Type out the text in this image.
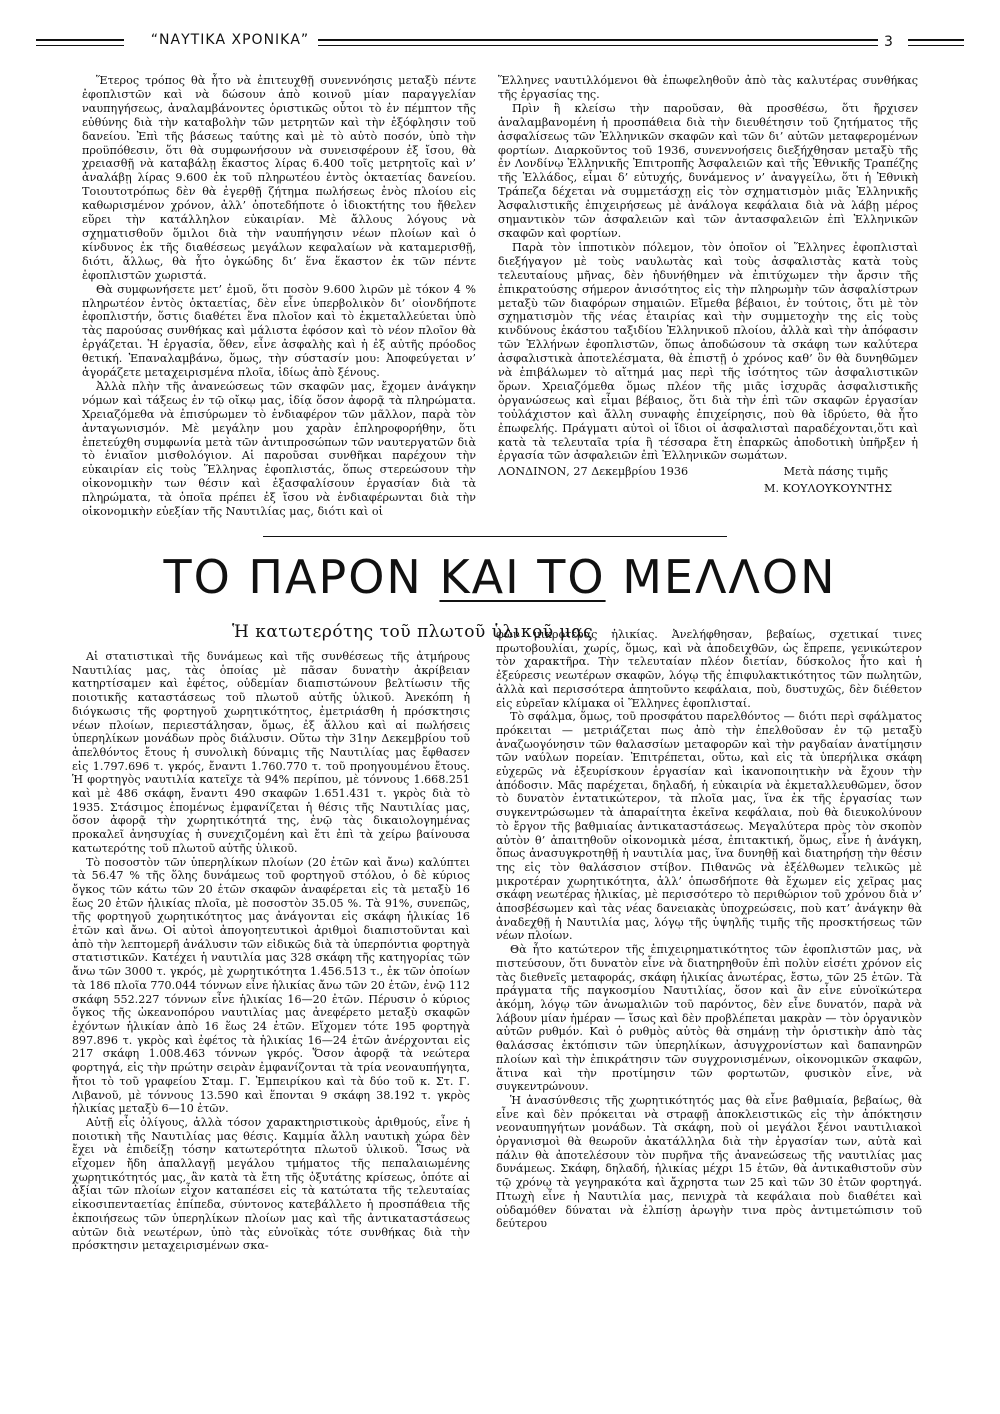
“ΝΑΥΤΙΚΑ ΧΡΟΝΙΚΑ”	3

Ἕτερος τρόπος θὰ ἦτο νὰ ἐπιτευχθῇ συνεννόησις μεταξὺ πέντε ἐφοπλιστῶν καὶ νὰ δώσουν ἀπὸ κοινοῦ μίαν παραγγελίαν ναυπηγήσεως, ἀναλαμβάνοντες ὁριστικῶς οὗτοι τὸ ἐν πέμπτον τῆς εὐθύνης διὰ τὴν καταβολὴν τῶν μετρητῶν καὶ τὴν ἐξόφλησιν τοῦ δανείου. Ἐπὶ τῆς βάσεως ταύτης καὶ μὲ τὸ αὐτὸ ποσόν, ὑπὸ τὴν προϋπόθεσιν, ὅτι θὰ συμφωνήσουν νὰ συνεισφέρουν ἐξ ἴσου, θὰ χρειασθῇ νὰ καταβάλῃ ἕκαστος λίρας 6.400 τοῖς μετρητοῖς καὶ ν’ ἀναλάβῃ λίρας 9.600 ἐκ τοῦ πληρωτέου ἐντὸς ὀκταετίας δανείου. Τοιουτοτρόπως δὲν θὰ ἐγερθῇ ζήτημα πωλήσεως ἑνὸς πλοίου εἰς καθωρισμένον χρόνον, ἀλλ’ ὁποτεδήποτε ὁ ἰδιοκτήτης του ἤθελεν εὕρει τὴν κατάλληλον εὐκαιρίαν. Μὲ ἄλλους λόγους νὰ σχηματισθοῦν ὅμιλοι διὰ τὴν ναυπήγησιν νέων πλοίων καὶ ὁ κίνδυνος ἐκ τῆς διαθέσεως μεγάλων κεφαλαίων νὰ καταμερισθῇ, διότι, ἄλλως, θὰ ἦτο ὀγκώδης δι’ ἕνα ἕκαστον ἐκ τῶν πέντε ἐφοπλιστῶν χωριστά.

Θὰ συμφωνήσετε μετ’ ἐμοῦ, ὅτι ποσὸν 9.600 λιρῶν μὲ τόκον 4 % πληρωτέον ἐντὸς ὀκταετίας, δὲν εἶνε ὑπερβολικὸν δι’ οἱονδήποτε ἐφοπλιστήν, ὅστις διαθέτει ἕνα πλοῖον καὶ τὸ ἐκμεταλλεύεται ὑπὸ τὰς παρούσας συνθήκας καὶ μάλιστα ἐφόσον καὶ τὸ νέον πλοῖον θὰ ἐργάζεται. Ἡ ἐργασία, ὅθεν, εἶνε ἀσφαλὴς καὶ ἡ ἐξ αὐτῆς πρόοδος θετική. Ἐπαναλαμβάνω, ὅμως, τὴν σύστασίν μου: Ἀποφεύγεται ν’ ἀγοράζετε μεταχειρισμένα πλοῖα, ἰδίως ἀπὸ ξένους.

Ἀλλὰ πλὴν τῆς ἀνανεώσεως τῶν σκαφῶν μας, ἔχομεν ἀνάγκην νόμων καὶ τάξεως ἐν τῷ οἴκῳ μας, ἰδίᾳ ὅσον ἀφορᾷ τὰ πληρώματα. Χρειαζόμεθα νὰ ἐπισύρωμεν τὸ ἐνδιαφέρον τῶν μᾶλλον, παρὰ τὸν ἀνταγωνισμόν. Μὲ μεγάλην μου χαρὰν ἐπληροφορήθην, ὅτι ἐπετεύχθη συμφωνία μετὰ τῶν ἀντιπροσώπων τῶν ναυτεργατῶν διὰ τὸ ἑνιαῖον μισθολόγιον. Αἱ παροῦσαι συνθῆκαι παρέχουν τὴν εὐκαιρίαν εἰς τοὺς Ἕλληνας ἐφοπλιστάς, ὅπως στερεώσουν τὴν οἰκονομικὴν των θέσιν καὶ ἐξασφαλίσουν ἐργασίαν διὰ τὰ πληρώματα, τὰ ὁποῖα πρέπει ἐξ ἴσου νὰ ἐνδιαφέρωνται διὰ τὴν οἰκονομικὴν εὐεξίαν τῆς Ναυτιλίας μας, διότι καὶ οἱ

Ἕλληνες ναυτιλλόμενοι θὰ ἐπωφεληθοῦν ἀπὸ τὰς καλυτέρας συνθήκας τῆς ἐργασίας της.

Πρὶν ἢ κλείσω τὴν παροῦσαν, θὰ προσθέσω, ὅτι ἤρχισεν ἀναλαμβανομένη ἡ προσπάθεια διὰ τὴν διευθέτησιν τοῦ ζητήματος τῆς ἀσφαλίσεως τῶν Ἑλληνικῶν σκαφῶν καὶ τῶν δι’ αὐτῶν μεταφερομένων φορτίων. Διαρκοῦντος τοῦ 1936, συνεννοήσεις διεξήχθησαν μεταξὺ τῆς ἐν Λονδίνῳ Ἑλληνικῆς Ἐπιτροπῆς Ἀσφαλειῶν καὶ τῆς Ἐθνικῆς Τραπέζης τῆς Ἑλλάδος, εἶμαι δ’ εὐτυχής, δυνάμενος ν’ ἀναγγείλω, ὅτι ἡ Ἐθνικὴ Τράπεζα δέχεται νὰ συμμετάσχῃ εἰς τὸν σχηματισμὸν μιᾶς Ἑλληνικῆς Ἀσφαλιστικῆς ἐπιχειρήσεως μὲ ἀνάλογα κεφάλαια διὰ νὰ λάβῃ μέρος σημαντικὸν τῶν ἀσφαλειῶν καὶ τῶν ἀντασφαλειῶν ἐπὶ Ἑλληνικῶν σκαφῶν καὶ φορτίων.

Παρὰ τὸν ἱπποτικὸν πόλεμον, τὸν ὁποῖον οἱ Ἕλληνες ἐφοπλισταὶ διεξήγαγον μὲ τοὺς ναυλωτὰς καὶ τοὺς ἀσφαλιστὰς κατὰ τοὺς τελευταίους μῆνας, δὲν ἠδυνήθημεν νὰ ἐπιτύχωμεν τὴν ἄρσιν τῆς ἐπικρατούσης σήμερον ἀνισότητος εἰς τὴν πληρωμὴν τῶν ἀσφαλίστρων μεταξὺ τῶν διαφόρων σημαιῶν. Εἴμεθα βέβαιοι, ἐν τούτοις, ὅτι μὲ τὸν σχηματισμὸν τῆς νέας ἑταιρίας καὶ τὴν συμμετοχὴν της εἰς τοὺς κινδύνους ἑκάστου ταξιδίου Ἑλληνικοῦ πλοίου, ἀλλὰ καὶ τὴν ἀπόφασιν τῶν Ἑλλήνων ἐφοπλιστῶν, ὅπως ἀποδώσουν τὰ σκάφη των καλύτερα ἀσφαλιστικὰ ἀποτελέσματα, θὰ ἐπιστῇ ὁ χρόνος καθ’ ὃν θὰ δυνηθῶμεν νὰ ἐπιβάλωμεν τὸ αἴτημά μας περὶ τῆς ἰσότητος τῶν ἀσφαλιστικῶν ὅρων. Χρειαζόμεθα ὅμως πλέον τῆς μιᾶς ἰσχυρᾶς ἀσφαλιστικῆς ὀργανώσεως καὶ εἶμαι βέβαιος, ὅτι διὰ τὴν ἐπὶ τῶν σκαφῶν ἐργασίαν τοὐλάχιστον καὶ ἄλλη συναφὴς ἐπιχείρησις, ποὺ θὰ ἱδρύετο, θὰ ἦτο ἐπωφελής. Πράγματι αὐτοὶ οἱ ἴδιοι οἱ ἀσφαλισταὶ παραδέχονται,ὅτι καὶ κατὰ τὰ τελευταῖα τρία ἢ τέσσαρα ἔτη ἐπαρκῶς ἀποδοτικὴ ὑπῆρξεν ἡ ἐργασία τῶν ἀσφαλειῶν ἐπὶ Ἑλληνικῶν σωμάτων.

ΛΟΝΔΙΝΟΝ, 27 Δεκεμβρίου 1936	Μετὰ πάσης τιμῆς
Μ. ΚΟΥΛΟΥΚΟΥΝΤΗΣ
ΤΟ ΠΑΡΟΝ ΚΑΙ ΤΟ ΜΕΛΛΟΝ
Ἡ κατωτερότης τοῦ πλωτοῦ ὑλικοῦ μας

Αἱ στατιστικαὶ τῆς δυνάμεως καὶ τῆς συνθέσεως τῆς ἀτμήρους Ναυτιλίας μας, τὰς ὁποίας μὲ πᾶσαν δυνατὴν ἀκρίβειαν κατηρτίσαμεν καὶ ἐφέτος, οὐδεμίαν διαπιστώνουν βελτίωσιν τῆς ποιοτικῆς καταστάσεως τοῦ πλωτοῦ αὐτῆς ὑλικοῦ. Ἀνεκόπη ἡ διόγκωσις τῆς φορτηγοῦ χωρητικότητος, ἐμετριάσθη ἡ πρόσκτησις νέων πλοίων, περιεστάλησαν, ὅμως, ἐξ ἄλλου καὶ αἱ πωλήσεις ὑπερηλίκων μονάδων πρὸς διάλυσιν. Οὕτω τὴν 31ην Δεκεμβρίου τοῦ ἀπελθόντος ἔτους ἡ συνολικὴ δύναμις τῆς Ναυτιλίας μας ἔφθασεν εἰς 1.797.696 τ. γκρός, ἔναντι 1.760.770 τ. τοῦ προηγουμένου ἔτους. Ἡ φορτηγὸς ναυτιλία κατεῖχε τὰ 94% περίπου, μὲ τόννους 1.668.251 καὶ μὲ 486 σκάφη, ἔναντι 490 σκαφῶν 1.651.431 τ. γκρὸς διὰ τὸ 1935. Στάσιμος ἑπομένως ἐμφανίζεται ἡ θέσις τῆς Ναυτιλίας μας, ὅσον ἀφορᾷ τὴν χωρητικότητά της, ἐνῷ τὰς δικαιολογημένας προκαλεῖ ἀνησυχίας ἡ συνεχιζομένη καὶ ἔτι ἐπὶ τὰ χείρω βαίνουσα κατωτερότης τοῦ πλωτοῦ αὐτῆς ὑλικοῦ.

Τὸ ποσοστὸν τῶν ὑπερηλίκων πλοίων (20 ἐτῶν καὶ ἄνω) καλύπτει τὰ 56.47 % τῆς ὅλης δυνάμεως τοῦ φορτηγοῦ στόλου, ὁ δὲ κύριος ὄγκος τῶν κάτω τῶν 20 ἐτῶν σκαφῶν ἀναφέρεται εἰς τὰ μεταξὺ 16 ἕως 20 ἐτῶν ἡλικίας πλοῖα, μὲ ποσοστὸν 35.05 %. Τὰ 91%, συνεπῶς, τῆς φορτηγοῦ χωρητικότητος μας ἀνάγονται εἰς σκάφη ἡλικίας 16 ἐτῶν καὶ ἄνω. Οἱ αὐτοὶ ἀπογοητευτικοὶ ἀριθμοὶ διαπιστοῦνται καὶ ἀπὸ τὴν λεπτομερῆ ἀνάλυσιν τῶν εἰδικῶς διὰ τὰ ὑπερπόντια φορτηγὰ στατιστικῶν. Κατέχει ἡ ναυτιλία μας 328 σκάφη τῆς κατηγορίας τῶν ἄνω τῶν 3000 τ. γκρός, μὲ χωρητικότητα 1.456.513 τ., ἐκ τῶν ὁποίων τὰ 186 πλοῖα 770.044 τόννων εἶνε ἡλικίας ἄνω τῶν 20 ἐτῶν, ἐνῷ 112 σκάφη 552.227 τόννων εἶνε ἡλικίας 16—20 ἐτῶν. Πέρυσιν ὁ κύριος ὄγκος τῆς ὠκεανοπόρου ναυτιλίας μας ἀνεφέρετο μεταξὺ σκαφῶν ἐχόντων ἡλικίαν ἀπὸ 16 ἕως 24 ἐτῶν. Εἴχομεν τότε 195 φορτηγὰ 897.896 τ. γκρὸς καὶ ἐφέτος τὰ ἡλικίας 16—24 ἐτῶν ἀνέρχονται εἰς 217 σκάφη 1.008.463 τόννων γκρός. Ὅσον ἀφορᾷ τὰ νεώτερα φορτηγά, εἰς τὴν πρώτην σειρὰν ἐμφανίζονται τὰ τρία νεοναυπήγητα, ἤτοι τὸ τοῦ γραφείου Σταμ. Γ. Ἐμπειρίκου καὶ τὰ δύο τοῦ κ. Στ. Γ. Λιβανοῦ, μὲ τόννους 13.590 καὶ ἕπονται 9 σκάφη 38.192 τ. γκρὸς ἡλικίας μεταξὺ 6—10 ἐτῶν.

Αὐτῇ εἶς ὀλίγους, ἀλλὰ τόσον χαρακτηριστικοὺς ἀριθμούς, εἶνε ἡ ποιοτικὴ τῆς Ναυτιλίας μας θέσις. Καμμία ἄλλη ναυτικὴ χώρα δὲν ἔχει νὰ ἐπιδείξῃ τόσην κατωτερότητα πλωτοῦ ὑλικοῦ. Ἴσως νὰ εἴχομεν ἤδη ἀπαλλαγῇ μεγάλου τμήματος τῆς πεπαλαιωμένης χωρητικότητός μας, ἂν κατὰ τὰ ἔτη τῆς ὀξυτάτης κρίσεως, ὁπότε αἱ ἀξίαι τῶν πλοίων εἶχον καταπέσει εἰς τὰ κατώτατα τῆς τελευταίας εἰκοσιπενταετίας ἐπίπεδα, σύντονος κατεβάλλετο ἡ προσπάθεια τῆς ἐκποιήσεως τῶν ὑπερηλίκων πλοίων μας καὶ τῆς ἀντικαταστάσεως αὐτῶν διὰ νεωτέρων, ὑπὸ τὰς εὐνοϊκὰς τότε συνθήκας διὰ τὴν πρόσκτησιν μεταχειρισμένων σκα-

φῶν μικροτέρας ἡλικίας. Ἀνελήφθησαν, βεβαίως, σχετικαί τινες πρωτοβουλίαι, χωρίς, ὅμως, καὶ νὰ ἀποδειχθῶν, ὡς ἔπρεπε, γενικώτερον τὸν χαρακτῆρα. Τὴν τελευταίαν πλέον διετίαν, δύσκολος ἦτο καὶ ἡ ἐξεύρεσις νεωτέρων σκαφῶν, λόγῳ τῆς ἐπιφυλακτικότητος τῶν πωλητῶν, ἀλλὰ καὶ περισσότερα ἀπητοῦντο κεφάλαια, ποὺ, δυστυχῶς, δὲν διέθετον εἰς εὐρεῖαν κλίμακα οἱ Ἕλληνες ἐφοπλισταί.

Τὸ σφάλμα, ὅμως, τοῦ προσφάτου παρελθόντος — διότι περὶ σφάλματος πρόκειται — μετριάζεται πως ἀπὸ τὴν ἐπελθοῦσαν ἐν τῷ μεταξὺ ἀναζωογόνησιν τῶν θαλασσίων μεταφορῶν καὶ τὴν ραγδαίαν ἀνατίμησιν τῶν ναύλων πορείαν. Ἐπιτρέπεται, οὕτω, καὶ εἰς τὰ ὑπερήλικα σκάφη εὐχερῶς νὰ ἐξευρίσκουν ἐργασίαν καὶ ἱκανοποιητικὴν νὰ ἔχουν τὴν ἀπόδοσιν. Μᾶς παρέχεται, δηλαδή, ἡ εὐκαιρία νὰ ἐκμεταλλευθῶμεν, ὅσον τὸ δυνατὸν ἐντατικώτερον, τὰ πλοῖα μας, ἵνα ἐκ τῆς ἐργασίας των συγκεντρώσωμεν τὰ ἀπαραίτητα ἐκεῖνα κεφάλαια, ποὺ θὰ διευκολύνουν τὸ ἔργον τῆς βαθμιαίας ἀντικαταστάσεως. Μεγαλύτερα πρὸς τὸν σκοπὸν αὐτὸν θ’ ἀπαιτηθοῦν οἰκονομικὰ μέσα, ἐπιτακτική, ὅμως, εἶνε ἡ ἀνάγκη, ὅπως ἀνασυγκροτηθῇ ἡ ναυτιλία μας, ἵνα δυνηθῇ καὶ διατηρήσῃ τὴν θέσιν της εἰς τὸν θαλάσσιον στίβον. Πιθανῶς νὰ ἐξέλθωμεν τελικῶς μὲ μικροτέραν χωρητικότητα, ἀλλ’ ὁπωσδήποτε θὰ ἔχωμεν εἰς χεῖρας μας σκάφη νεωτέρας ἡλικίας, μὲ περισσότερο τὸ περιθώριον τοῦ χρόνου διὰ ν’ ἀποσβέσωμεν καὶ τὰς νέας δανειακὰς ὑποχρεώσεις, ποὺ κατ’ ἀνάγκην θὰ ἀναδεχθῇ ἡ Ναυτιλία μας, λόγῳ τῆς ὑψηλῆς τιμῆς τῆς προσκτήσεως τῶν νέων πλοίων.

Θὰ ἦτο κατώτερον τῆς ἐπιχειρηματικότητος τῶν ἐφοπλιστῶν μας, νὰ πιστεύσουν, ὅτι δυνατὸν εἶνε νὰ διατηρηθοῦν ἐπὶ πολὺν εἰσέτι χρόνον εἰς τὰς διεθνεῖς μεταφοράς, σκάφη ἡλικίας ἀνωτέρας, ἔστω, τῶν 25 ἐτῶν. Τὰ πράγματα τῆς παγκοσμίου Ναυτιλίας, ὅσον καὶ ἂν εἶνε εὐνοϊκώτερα ἀκόμη, λόγῳ τῶν ἀνωμαλιῶν τοῦ παρόντος, δὲν εἶνε δυνατόν, παρὰ νὰ λάβουν μίαν ἡμέραν — ἴσως καὶ δὲν προβλέπεται μακρὰν — τὸν ὀργανικὸν αὐτῶν ρυθμόν. Καὶ ὁ ρυθμὸς αὐτὸς θὰ σημάνῃ τὴν ὁριστικὴν ἀπὸ τὰς θαλάσσας ἐκτόπισιν τῶν ὑπερηλίκων, ἀσυγχρονίστων καὶ δαπανηρῶν πλοίων καὶ τὴν ἐπικράτησιν τῶν συγχρονισμένων, οἰκονομικῶν σκαφῶν, ἅτινα καὶ τὴν προτίμησιν τῶν φορτωτῶν, φυσικὸν εἶνε, νὰ συγκεντρώνουν.

Ἡ ἀνασύνθεσις τῆς χωρητικότητός μας θὰ εἶνε βαθμιαία, βεβαίως, θὰ εἶνε καὶ δὲν πρόκειται νὰ στραφῇ ἀποκλειστικῶς εἰς τὴν ἀπόκτησιν νεοναυπηγήτων μονάδων. Τὰ σκάφη, ποὺ οἱ μεγάλοι ξένοι ναυτιλιακοὶ ὀργανισμοὶ θὰ θεωροῦν ἀκατάλληλα διὰ τὴν ἐργασίαν των, αὐτὰ καὶ πάλιν θὰ ἀποτελέσουν τὸν πυρῆνα τῆς ἀνανεώσεως τῆς ναυτιλίας μας δυνάμεως. Σκάφη, δηλαδή, ἡλικίας μέχρι 15 ἐτῶν, θὰ ἀντικαθιστοῦν σὺν τῷ χρόνῳ τὰ γεγηρακότα καὶ ἄχρηστα των 25 καὶ τῶν 30 ἐτῶν φορτηγά. Πτωχὴ εἶνε ἡ Ναυτιλία μας, πενιχρὰ τὰ κεφάλαια ποὺ διαθέτει καὶ οὐδαμόθεν δύναται νὰ ἐλπίσῃ ἀρωγὴν τινα πρὸς ἀντιμετώπισιν τοῦ δεύτερου
